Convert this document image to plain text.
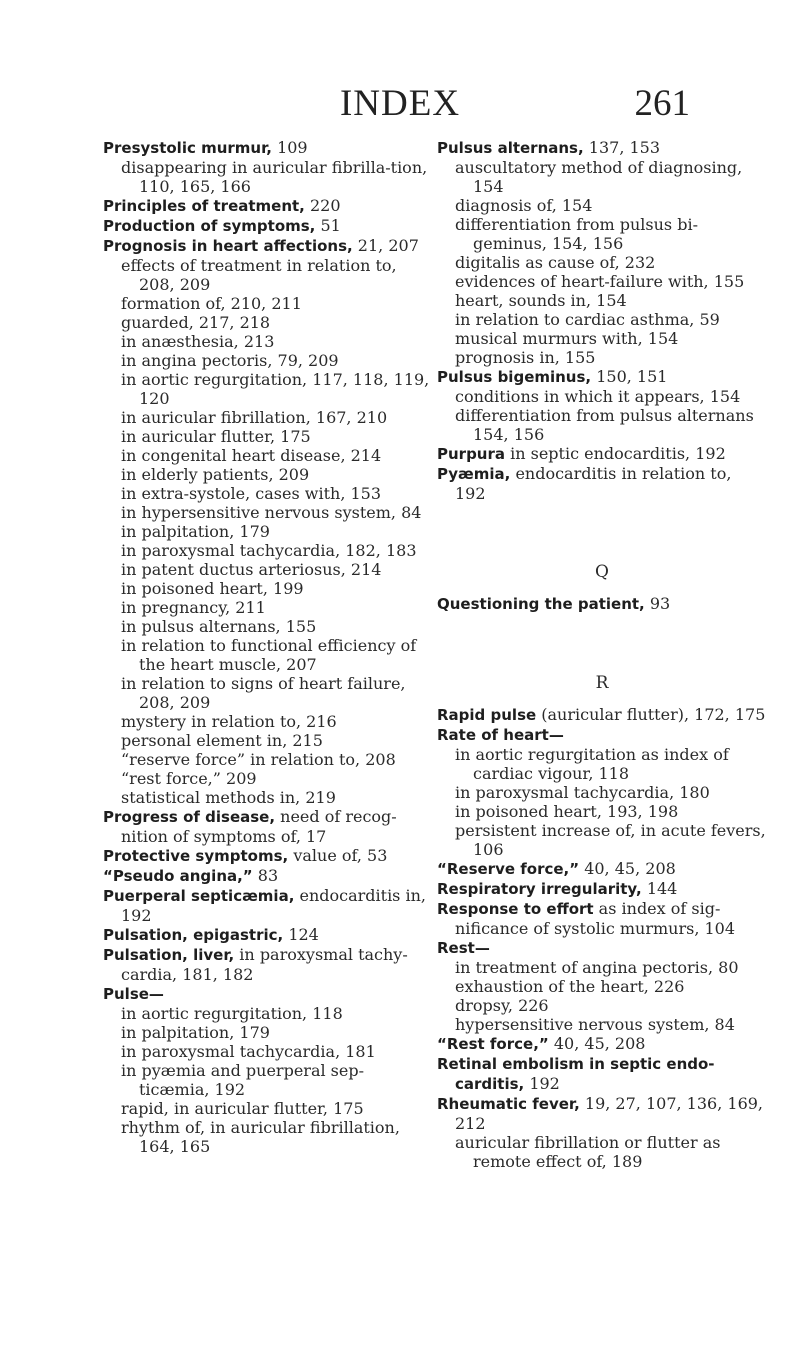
INDEX	261

Presystolic murmur, 109

disappearing in auricular fibrilla-tion, 110, 165, 166

Principles of treatment, 220

Production of symptoms, 51

Prognosis in heart affections, 21, 207

effects of treatment in relation to, 208, 209

formation of, 210, 211

guarded, 217, 218

in anæsthesia, 213

in angina pectoris, 79, 209

in aortic regurgitation, 117, 118, 119, 120

in auricular fibrillation, 167, 210

in auricular flutter, 175

in congenital heart disease, 214

in elderly patients, 209

in extra-systole, cases with, 153

in hypersensitive nervous system, 84

in palpitation, 179

in paroxysmal tachycardia, 182, 183

in patent ductus arteriosus, 214

in poisoned heart, 199

in pregnancy, 211

in pulsus alternans, 155

in relation to functional efficiency of the heart muscle, 207

in relation to signs of heart failure, 208, 209

mystery in relation to, 216

personal element in, 215

“reserve force” in relation to, 208

“rest force,” 209

statistical methods in, 219

Progress of disease, need of recog-nition of symptoms of, 17

Protective symptoms, value of, 53

“Pseudo angina,” 83

Puerperal septicæmia, endocarditis in, 192

Pulsation, epigastric, 124

Pulsation, liver, in paroxysmal tachy-cardia, 181, 182

Pulse—

in aortic regurgitation, 118

in palpitation, 179

in paroxysmal tachycardia, 181

in pyæmia and puerperal sep-ticæmia, 192

rapid, in auricular flutter, 175

rhythm of, in auricular fibrillation, 164, 165

Pulsus alternans, 137, 153

auscultatory method of diagnosing, 154

diagnosis of, 154

differentiation from pulsus bi-geminus, 154, 156

digitalis as cause of, 232

evidences of heart-failure with, 155

heart, sounds in, 154

in relation to cardiac asthma, 59

musical murmurs with, 154

prognosis in, 155

Pulsus bigeminus, 150, 151

conditions in which it appears, 154

differentiation from pulsus alternans 154, 156

Purpura in septic endocarditis, 192

Pyæmia, endocarditis in relation to, 192

Q

Questioning the patient, 93

R

Rapid pulse (auricular flutter), 172, 175

Rate of heart—

in aortic regurgitation as index of cardiac vigour, 118

in paroxysmal tachycardia, 180

in poisoned heart, 193, 198

persistent increase of, in acute fevers, 106

“Reserve force,” 40, 45, 208

Respiratory irregularity, 144

Response to effort as index of sig-nificance of systolic murmurs, 104

Rest—

in treatment of angina pectoris, 80

exhaustion of the heart, 226

dropsy, 226

hypersensitive nervous system, 84

“Rest force,” 40, 45, 208

Retinal embolism in septic endo-carditis, 192

Rheumatic fever, 19, 27, 107, 136, 169, 212

auricular fibrillation or flutter as remote effect of, 189
